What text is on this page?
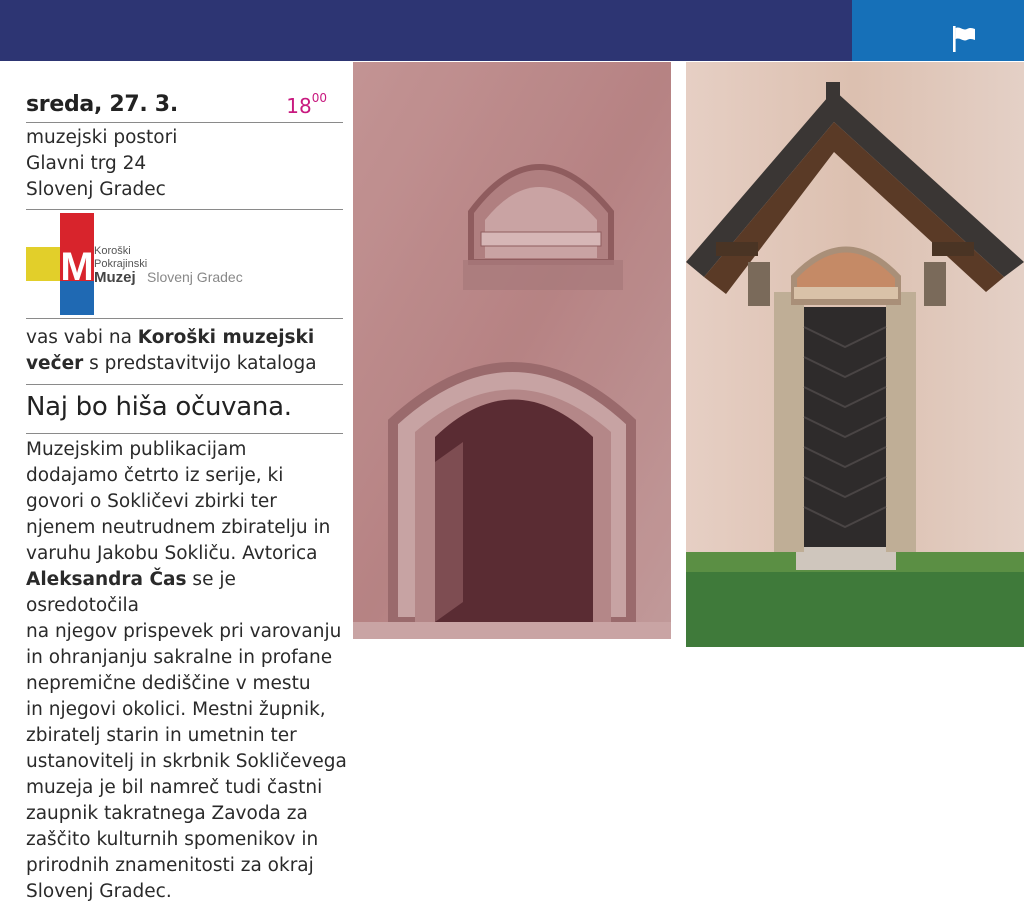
sreda, 27. 3.	$18^{00}$
muzejski postori
Glavni trg 24
Slovenj Gradec
M Koroški
Pokrajinski
Muzej Slovenj Gradec
vas vabi na Koroški muzejski
večer s predstavitvijo kataloga
Naj bo hiša očuvana.
Muzejskim publikacijam
dodajamo četrto iz serije, ki
govori o Sokličevi zbirki ter
njenem neutrudnem zbiratelju in
varuhu Jakobu Sokliču. Avtorica
Aleksandra Čas se je osredotočila
na njegov prispevek pri varovanju
in ohranjanju sakralne in profane
nepremične dediščine v mestu
in njegovi okolici. Mestni župnik,
zbiratelj starin in umetnin ter
ustanovitelj in skrbnik Sokličevega
muzeja je bil namreč tudi častni
zaupnik takratnega Zavoda za
zaščito kulturnih spomenikov in
prirodnih znamenitosti za okraj
Slovenj Gradec.
